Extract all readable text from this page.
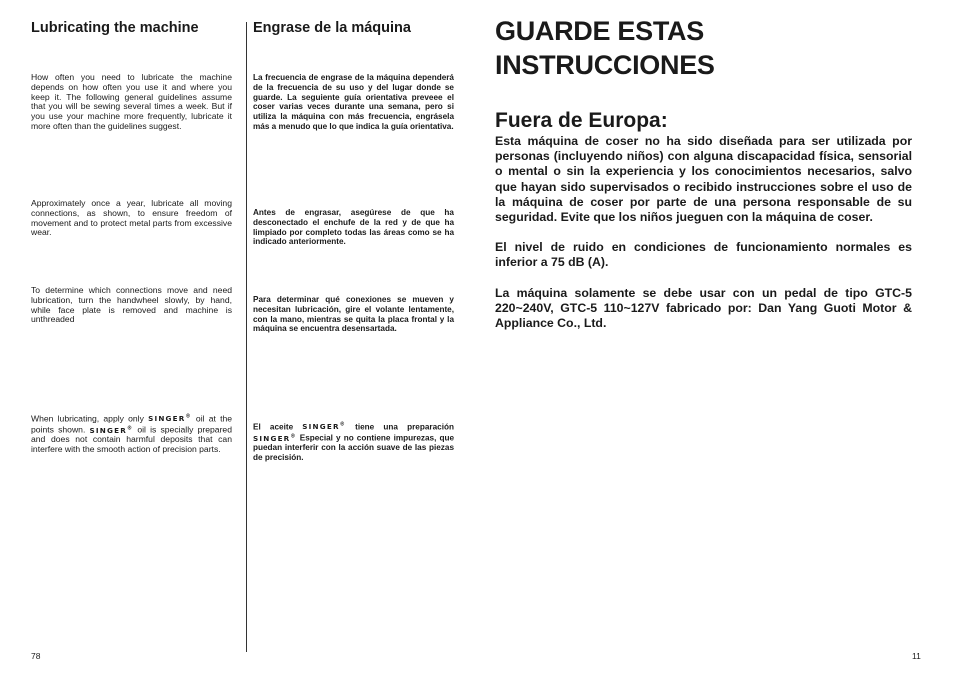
Lubricating the machine

How often you need to lubricate the machine depends on how often you use it and where you keep it. The following general guidelines assume that you will be sewing several times a week. But if you use your machine more frequently, lubricate it more often than the guidelines suggest.

Approximately once a year, lubricate all moving connections, as shown, to ensure freedom of movement and to protect metal parts from excessive wear.

To determine which connections move and need lubrication, turn the handwheel slowly, by hand, while face plate is removed and machine is unthreaded

When lubricating, apply only SINGER® oil at the points shown. SINGER® oil is specially prepared and does not contain harmful deposits that can interfere with the smooth action of precision parts.

Engrase de la máquina

La frecuencia de engrase de la máquina dependerá de la frecuencia de su uso y del lugar donde se guarde. La seguiente guía orientativa preveee el coser varias veces durante una semana, pero si utiliza la máquina con más frecuencia, engrásela más a menudo que lo que indica la guía orientativa.

Antes de engrasar, asegúrese de que ha desconectado el enchufe de la red y de que ha limpiado por completo todas las áreas como se ha indicado anteriormente.

Para determinar qué conexiones se mueven y necesitan lubricación, gire el volante lentamente, con la mano, mientras se quita la placa frontal y la máquina se encuentra desensartada.

El aceite SINGER® tiene una preparación SINGER® Especial y no contiene impurezas, que puedan interferir con la acción suave de las piezas de precisión.

78
GUARDE ESTAS INSTRUCCIONES
Fuera de Europa:

Esta máquina de coser no ha sido diseñada para ser utilizada por personas (incluyendo niños) con alguna discapacidad física, sensorial o mental o sin la experiencia y los conocimientos necesarios, salvo que hayan sido supervisados o recibido instrucciones sobre el uso de la máquina de coser por parte de una persona responsable de su seguridad. Evite que los niños jueguen con la máquina de coser.

El nivel de ruido en condiciones de funcionamiento normales es inferior a 75 dB (A).

La máquina solamente se debe usar con un pedal de tipo GTC-5 220~240V, GTC-5 110~127V fabricado por: Dan Yang Guoti Motor & Appliance Co., Ltd.

11
